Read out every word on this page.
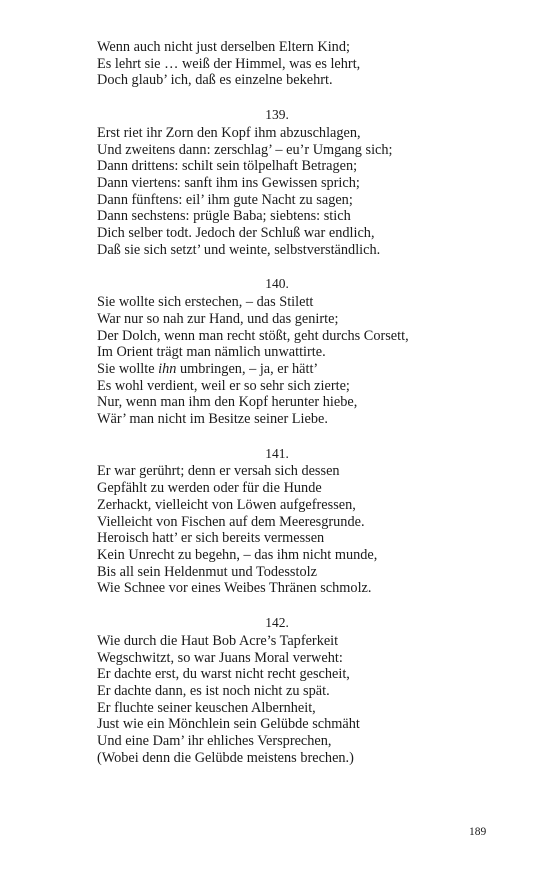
Wenn auch nicht just derselben Eltern Kind;
Es lehrt sie … weiß der Himmel, was es lehrt,
Doch glaub’ ich, daß es einzelne bekehrt.
139.
Erst riet ihr Zorn den Kopf ihm abzuschlagen,
Und zweitens dann: zerschlag’ – eu’r Umgang sich;
Dann drittens: schilt sein tölpelhaft Betragen;
Dann viertens: sanft ihm ins Gewissen sprich;
Dann fünftens: eil’ ihm gute Nacht zu sagen;
Dann sechstens: prügle Baba; siebtens: stich
Dich selber todt. Jedoch der Schluß war endlich,
Daß sie sich setzt’ und weinte, selbstverständlich.
140.
Sie wollte sich erstechen, – das Stilett
War nur so nah zur Hand, und das genirte;
Der Dolch, wenn man recht stößt, geht durchs Corsett,
Im Orient trägt man nämlich unwattirte.
Sie wollte ihn umbringen, – ja, er hätt’
Es wohl verdient, weil er so sehr sich zierte;
Nur, wenn man ihm den Kopf herunter hiebe,
Wär’ man nicht im Besitze seiner Liebe.
141.
Er war gerührt; denn er versah sich dessen
Gepfählt zu werden oder für die Hunde
Zerhackt, vielleicht von Löwen aufgefressen,
Vielleicht von Fischen auf dem Meeresgrunde.
Heroisch hatt’ er sich bereits vermessen
Kein Unrecht zu begehn, – das ihm nicht munde,
Bis all sein Heldenmut und Todesstolz
Wie Schnee vor eines Weibes Thränen schmolz.
142.
Wie durch die Haut Bob Acre’s Tapferkeit
Wegschwitzt, so war Juans Moral verweht:
Er dachte erst, du warst nicht recht gescheit,
Er dachte dann, es ist noch nicht zu spät.
Er fluchte seiner keuschen Albernheit,
Just wie ein Mönchlein sein Gelübde schmäht
Und eine Dam’ ihr ehliches Versprechen,
(Wobei denn die Gelübde meistens brechen.)
189
